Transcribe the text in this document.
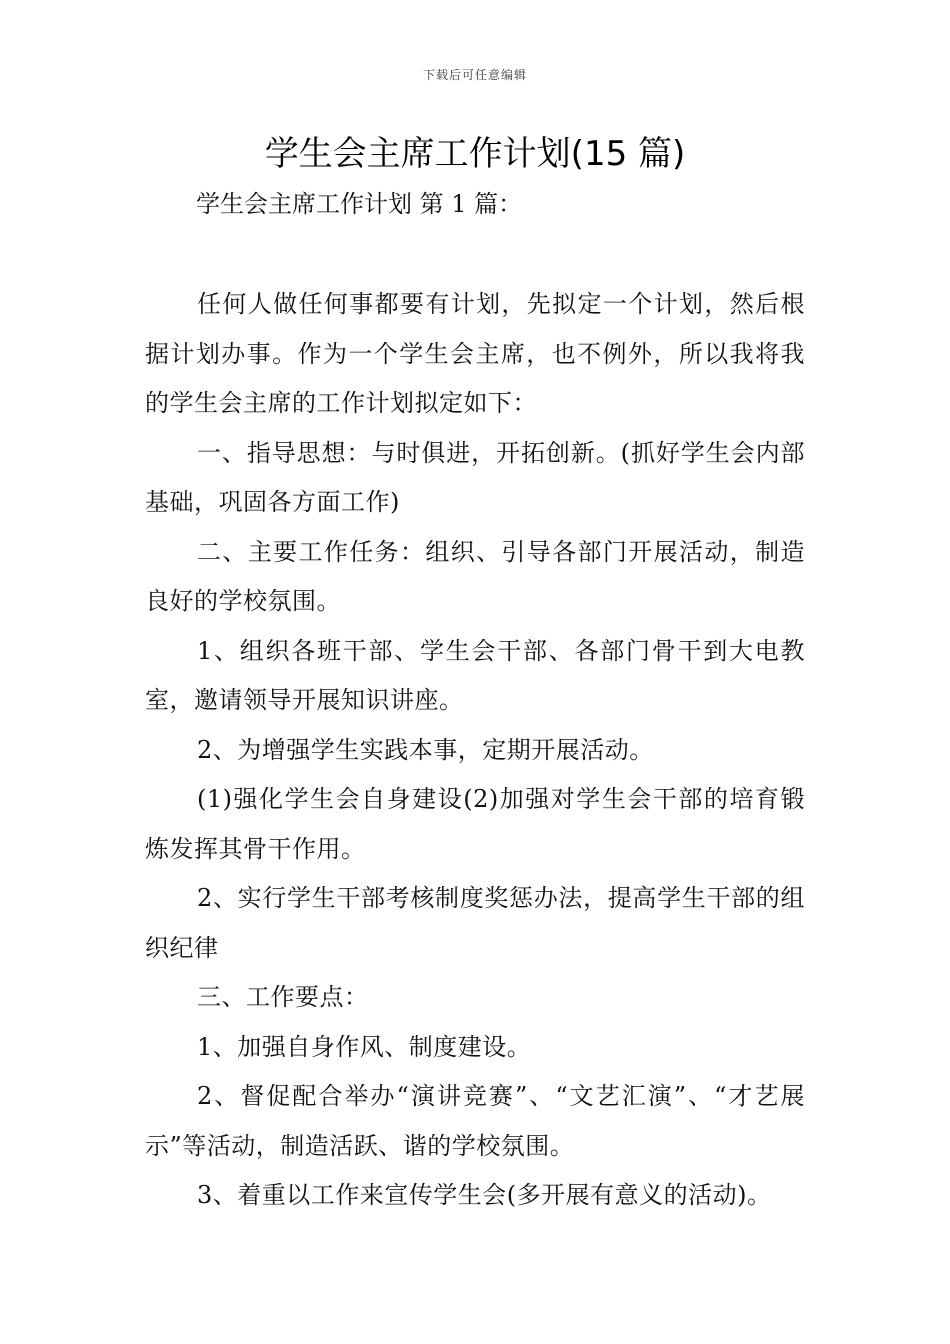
下载后可任意编辑
学生会主席工作计划(15 篇)
学生会主席工作计划 第 1 篇：

任何人做任何事都要有计划，先拟定一个计划，然后根据计划办事。作为一个学生会主席，也不例外，所以我将我的学生会主席的工作计划拟定如下：

一、指导思想：与时俱进，开拓创新。(抓好学生会内部基础，巩固各方面工作)

二、主要工作任务：组织、引导各部门开展活动，制造良好的学校氛围。

1、组织各班干部、学生会干部、各部门骨干到大电教室，邀请领导开展知识讲座。

2、为增强学生实践本事，定期开展活动。

(1)强化学生会自身建设(2)加强对学生会干部的培育锻炼发挥其骨干作用。

2、实行学生干部考核制度奖惩办法，提高学生干部的组织纪律

三、工作要点：

1、加强自身作风、制度建设。

2、督促配合举办“演讲竞赛”、“文艺汇演”、“才艺展示”等活动，制造活跃、谐的学校氛围。

3、着重以工作来宣传学生会(多开展有意义的活动)。
